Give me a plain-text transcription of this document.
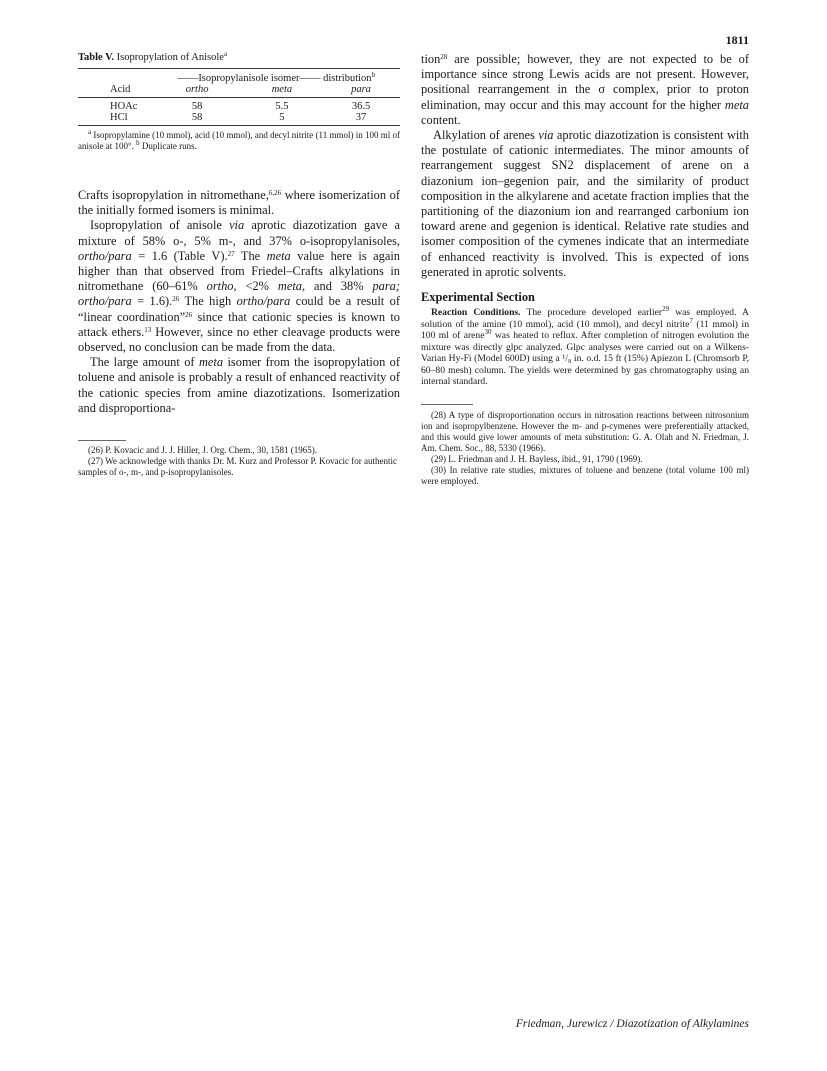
1811
Table V. Isopropylation of Anisole$^a$

	——Isopropylanisole isomer—— distribution$^b$
Acid	ortho	meta	para
HOAc	58	5.5	36.5
HCl	58	5	37
$^a$ Isopropylamine (10 mmol), acid (10 mmol), and decyl nitrite (11 mmol) in 100 ml of anisole at 100°. $^b$ Duplicate runs.

Crafts isopropylation in nitromethane,$^{6,26}$ where isomerization of the initially formed isomers is minimal.

Isopropylation of anisole via aprotic diazotization gave a mixture of 58% o-, 5% m-, and 37% o-isopropylanisoles, ortho/para = 1.6 (Table V).$^{27}$ The meta value here is again higher than that observed from Friedel–Crafts alkylations in nitromethane (60–61% ortho, <2% meta, and 38% para; ortho/para = 1.6).$^{26}$ The high ortho/para could be a result of “linear coordination”$^{26}$ since that cationic species is known to attack ethers.$^{13}$ However, since no ether cleavage products were observed, no conclusion can be made from the data.

The large amount of meta isomer from the isopropylation of toluene and anisole is probably a result of enhanced reactivity of the cationic species from amine diazotizations. Isomerization and disproportiona-

(26) P. Kovacic and J. J. Hiller, J. Org. Chem., 30, 1581 (1965).

(27) We acknowledge with thanks Dr. M. Kurz and Professor P. Kovacic for authentic samples of o-, m-, and p-isopropylanisoles.

tion$^{28}$ are possible; however, they are not expected to be of importance since strong Lewis acids are not present. However, positional rearrangement in the σ complex, prior to proton elimination, may occur and this may account for the higher meta content.

Alkylation of arenes via aprotic diazotization is consistent with the postulate of cationic intermediates. The minor amounts of rearrangement suggest SN2 displacement of arene on a diazonium ion–gegenion pair, and the similarity of product composition in the alkylarene and acetate fraction implies that the partitioning of the diazonium ion and rearranged carbonium ion toward arene and gegenion is identical. Relative rate studies and isomer composition of the cymenes indicate that an intermediate of enhanced reactivity is involved. This is expected of ions generated in aprotic solvents.

Experimental Section

Reaction Conditions. The procedure developed earlier$^{29}$ was employed. A solution of the amine (10 mmol), acid (10 mmol), and decyl nitrite$^7$ (11 mmol) in 100 ml of arene$^{30}$ was heated to reflux. After completion of nitrogen evolution the mixture was directly glpc analyzed. Glpc analyses were carried out on a Wilkens-Varian Hy-Fi (Model 600D) using a ¹/₈ in. o.d. 15 ft (15%) Apiezon L (Chromsorb P, 60–80 mesh) column. The yields were determined by gas chromatography using an internal standard.

(28) A type of disproportionation occurs in nitrosation reactions between nitrosonium ion and isopropylbenzene. However the m- and p-cymenes were preferentially attacked, and this would give lower amounts of meta substitution: G. A. Olah and N. Friedman, J. Am. Chem. Soc., 88, 5330 (1966).

(29) L. Friedman and J. H. Bayless, ibid., 91, 1790 (1969).

(30) In relative rate studies, mixtures of toluene and benzene (total volume 100 ml) were employed.

Friedman, Jurewicz / Diazotization of Alkylamines
